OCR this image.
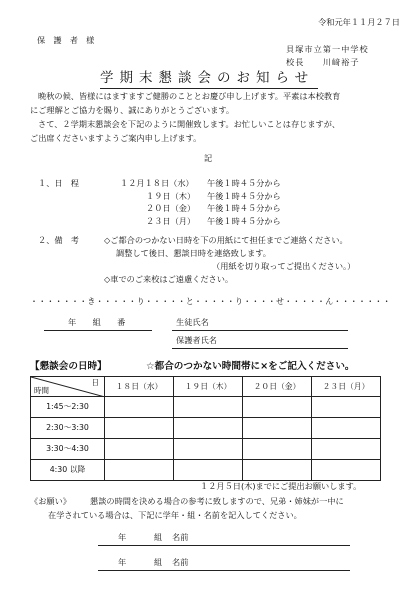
令和元年１１月２７日
保　護　者　様
貝塚市立第一中学校
校長　　川﨑裕子
学期末懇談会のお知らせ
晩秋の候、皆様にはますますご健勝のこととお慶び申し上げます。平素は本校教育
にご理解とご協力を賜り、誠にありがとうございます。
さて、２学期末懇談会を下記のように開催致します。お忙しいことは存じますが、
ご出席くださいますようご案内申し上げます。
記
１、日　程	１２月１８日（水） 午後１時４５分から
１９日（木） 午後１時４５分から
２０日（金） 午後１時４５分から
２３日（月） 午後１時４５分から
２、備　考	◇ご都合のつかない日時を下の用紙にて担任までご連絡ください。
調整して後日、懇談日時を連絡致します。
（用紙を切り取ってご提出ください。）
◇車でのご来校はご遠慮ください。
・・・・・・・き・・・・・り・・・・・と・・・・・り・・・・せ・・・・・ん・・・・・・・
年　　組　　番	生徒氏名
保護者氏名
【懇談会の日時】	☆都合のつかない時間帯に×をご記入ください。
日
時間	１８日（水）	１９日（木）	２０日（金）	２３日（月）
1:45〜2:30				
2:30〜3:30				
3:30〜4:30				
4:30 以降				
１２月５日(木)までにご提出お願いします。
《お願い》 懇談の時間を決める場合の参考に致しますので、兄弟・姉妹が一中に
在学されている場合は、下記に学年・組・名前を記入してください。
年	組 名前
年	組 名前
